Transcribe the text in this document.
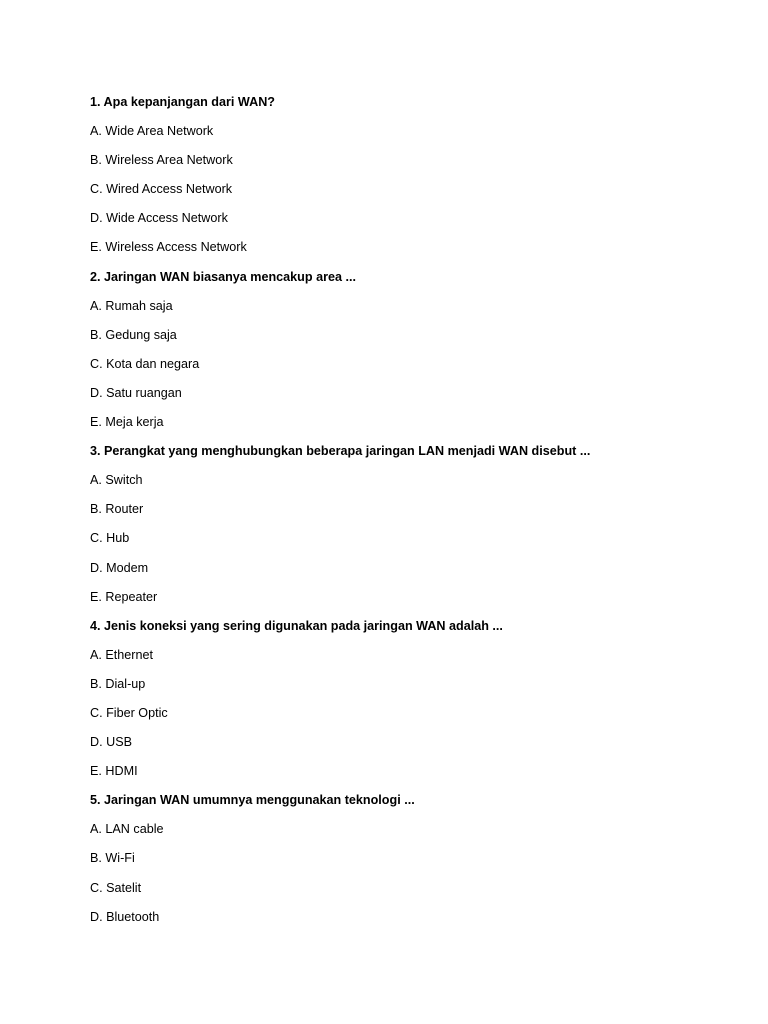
1. Apa kepanjangan dari WAN?
A. Wide Area Network
B. Wireless Area Network
C. Wired Access Network
D. Wide Access Network
E. Wireless Access Network
2. Jaringan WAN biasanya mencakup area ...
A. Rumah saja
B. Gedung saja
C. Kota dan negara
D. Satu ruangan
E. Meja kerja
3. Perangkat yang menghubungkan beberapa jaringan LAN menjadi WAN disebut ...
A. Switch
B. Router
C. Hub
D. Modem
E. Repeater
4. Jenis koneksi yang sering digunakan pada jaringan WAN adalah ...
A. Ethernet
B. Dial-up
C. Fiber Optic
D. USB
E. HDMI
5. Jaringan WAN umumnya menggunakan teknologi ...
A. LAN cable
B. Wi-Fi
C. Satelit
D. Bluetooth
